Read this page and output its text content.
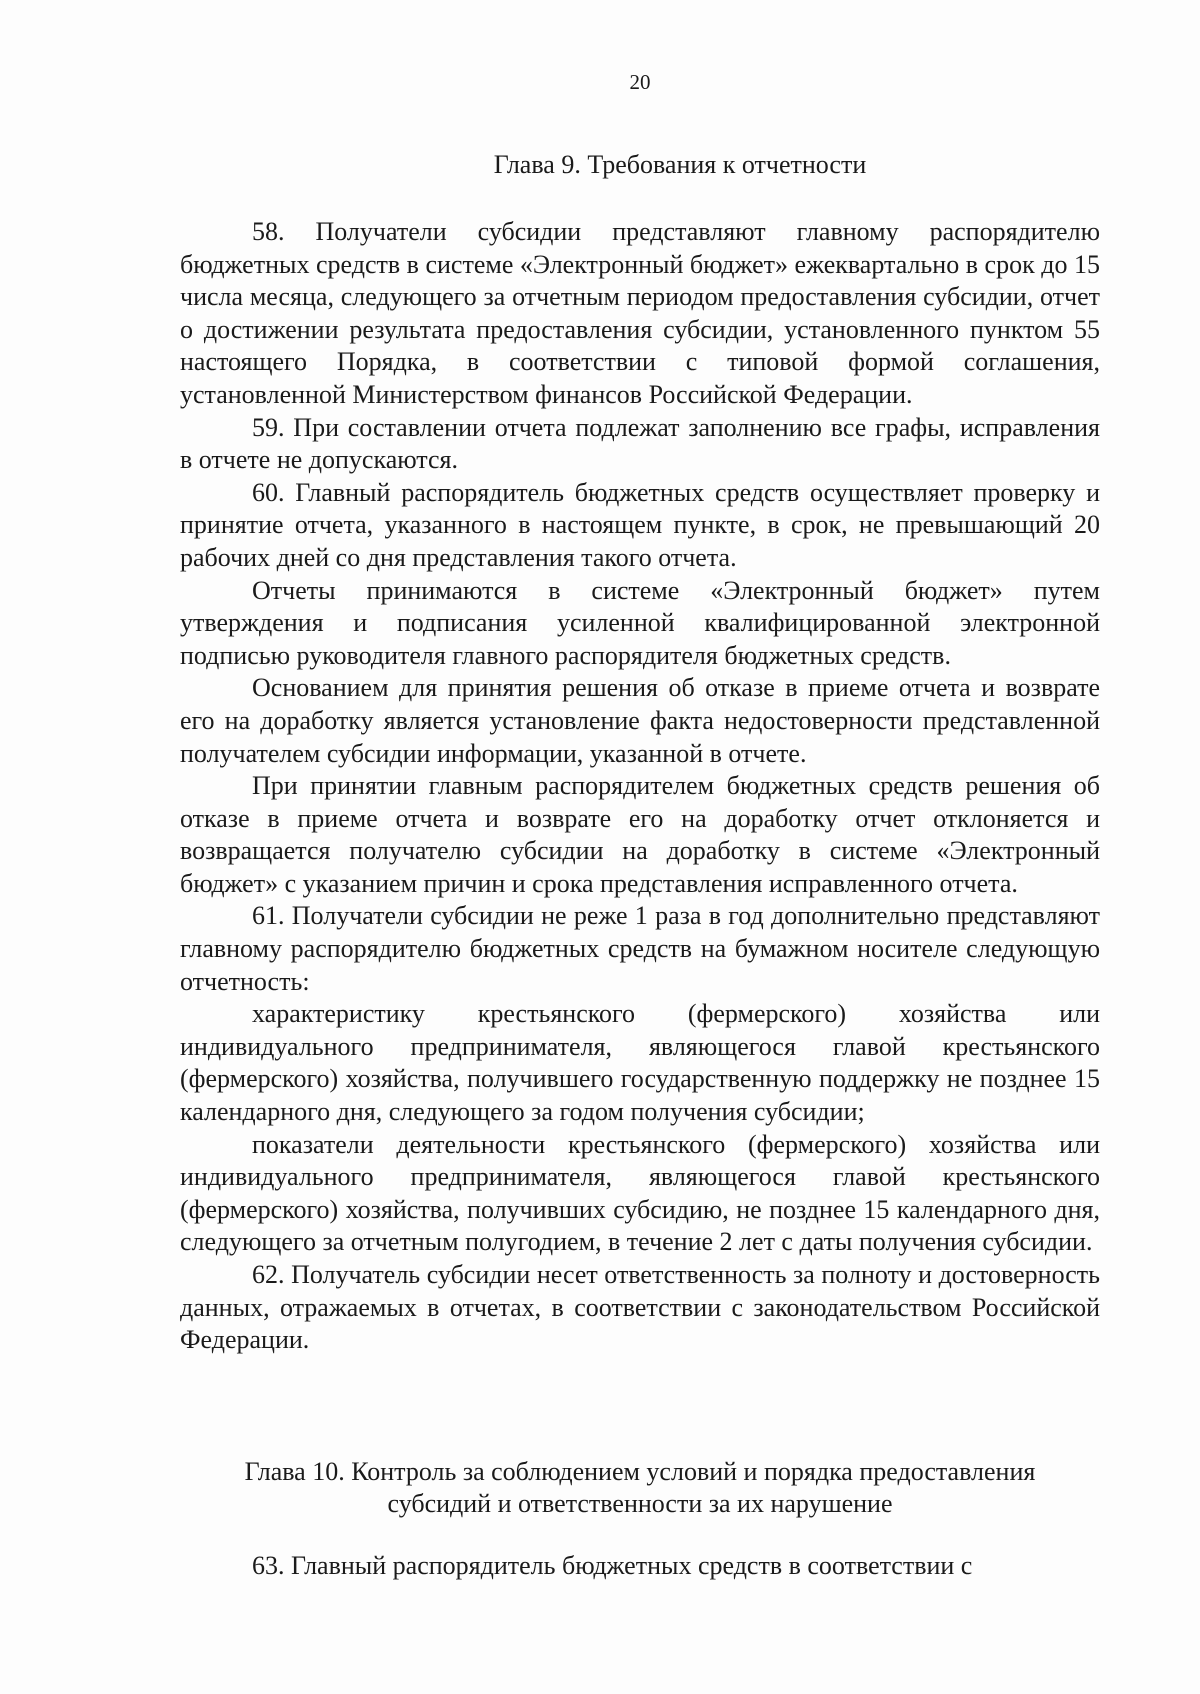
20
Глава 9. Требования к отчетности

58. Получатели субсидии представляют главному распорядителю бюджетных средств в системе «Электронный бюджет» ежеквартально в срок до 15 числа месяца, следующего за отчетным периодом предоставления субсидии, отчет о достижении результата предоставления субсидии, установленного пунктом 55 настоящего Порядка, в соответствии с типовой формой соглашения, установленной Министерством финансов Российской Федерации.

59. При составлении отчета подлежат заполнению все графы, исправления в отчете не допускаются.

60. Главный распорядитель бюджетных средств осуществляет проверку и принятие отчета, указанного в настоящем пункте, в срок, не превышающий 20 рабочих дней со дня представления такого отчета.

Отчеты принимаются в системе «Электронный бюджет» путем утверждения и подписания усиленной квалифицированной электронной подписью руководителя главного распорядителя бюджетных средств.

Основанием для принятия решения об отказе в приеме отчета и возврате его на доработку является установление факта недостоверности представленной получателем субсидии информации, указанной в отчете.

При принятии главным распорядителем бюджетных средств решения об отказе в приеме отчета и возврате его на доработку отчет отклоняется и возвращается получателю субсидии на доработку в системе «Электронный бюджет» с указанием причин и срока представления исправленного отчета.

61. Получатели субсидии не реже 1 раза в год дополнительно представляют главному распорядителю бюджетных средств на бумажном носителе следующую отчетность:

характеристику крестьянского (фермерского) хозяйства или индивидуального предпринимателя, являющегося главой крестьянского (фермерского) хозяйства, получившего государственную поддержку не позднее 15 календарного дня, следующего за годом получения субсидии;

показатели деятельности крестьянского (фермерского) хозяйства или индивидуального предпринимателя, являющегося главой крестьянского (фермерского) хозяйства, получивших субсидию, не позднее 15 календарного дня, следующего за отчетным полугодием, в течение 2 лет с даты получения субсидии.

62. Получатель субсидии несет ответственность за полноту и достоверность данных, отражаемых в отчетах, в соответствии с законодательством Российской Федерации.

Глава 10. Контроль за соблюдением условий и порядка предоставления
субсидий и ответственности за их нарушение

63. Главный распорядитель бюджетных средств в соответствии с
